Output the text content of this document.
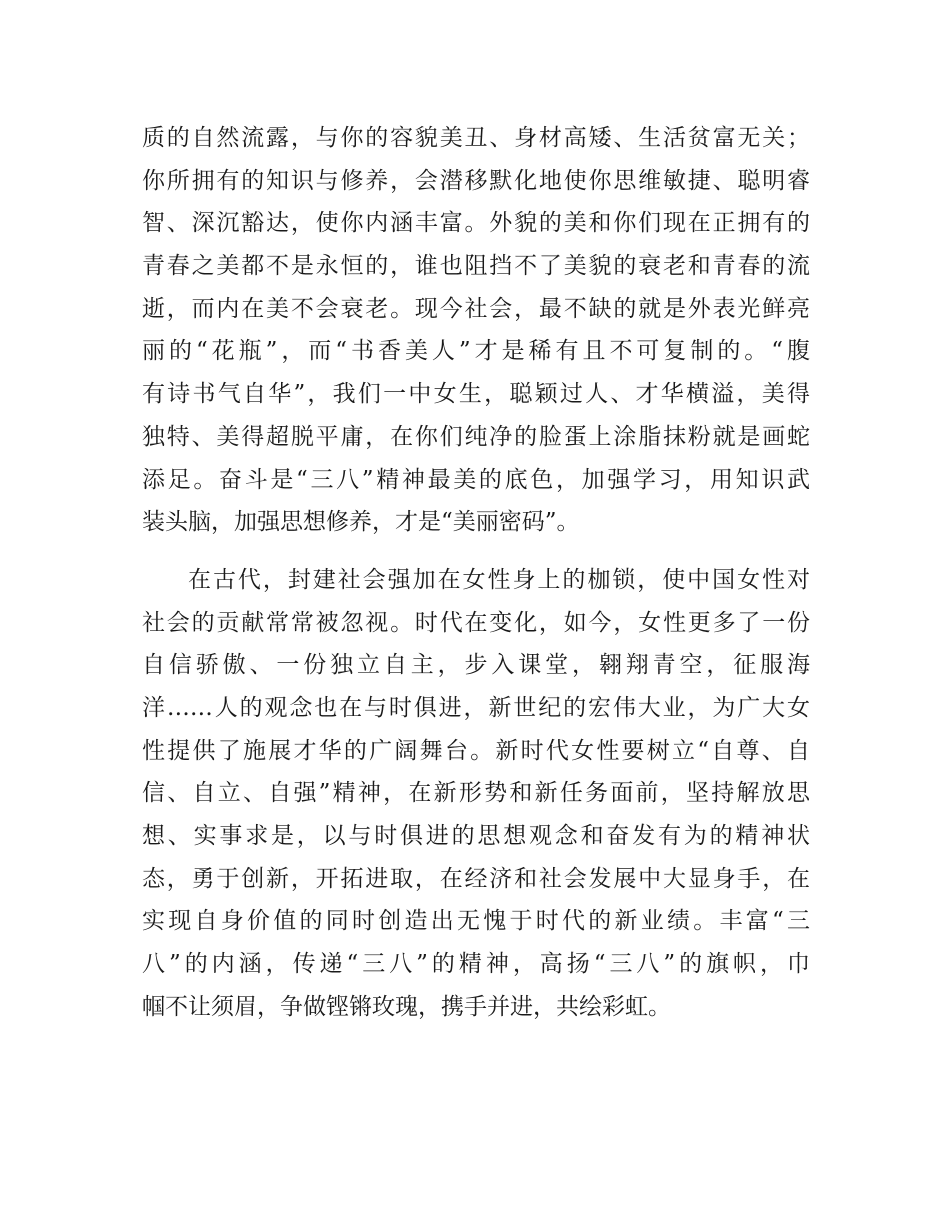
质的自然流露，与你的容貌美丑、身材高矮、生活贫富无关；
你所拥有的知识与修养，会潜移默化地使你思维敏捷、聪明睿
智、深沉豁达，使你内涵丰富。外貌的美和你们现在正拥有的
青春之美都不是永恒的，谁也阻挡不了美貌的衰老和青春的流
逝，而内在美不会衰老。现今社会，最不缺的就是外表光鲜亮
丽的“花瓶”，而“书香美人”才是稀有且不可复制的。“腹
有诗书气自华”，我们一中女生，聪颖过人、才华横溢，美得
独特、美得超脱平庸，在你们纯净的脸蛋上涂脂抹粉就是画蛇
添足。奋斗是“三八”精神最美的底色，加强学习，用知识武
装头脑，加强思想修养，才是“美丽密码”。
在古代，封建社会强加在女性身上的枷锁，使中国女性对
社会的贡献常常被忽视。时代在变化，如今，女性更多了一份
自信骄傲、一份独立自主，步入课堂，翱翔青空，征服海
洋……人的观念也在与时俱进，新世纪的宏伟大业，为广大女
性提供了施展才华的广阔舞台。新时代女性要树立“自尊、自
信、自立、自强”精神，在新形势和新任务面前，坚持解放思
想、实事求是，以与时俱进的思想观念和奋发有为的精神状
态，勇于创新，开拓进取，在经济和社会发展中大显身手，在
实现自身价值的同时创造出无愧于时代的新业绩。丰富“三
八”的内涵，传递“三八”的精神，高扬“三八”的旗帜，巾
帼不让须眉，争做铿锵玫瑰，携手并进，共绘彩虹。
